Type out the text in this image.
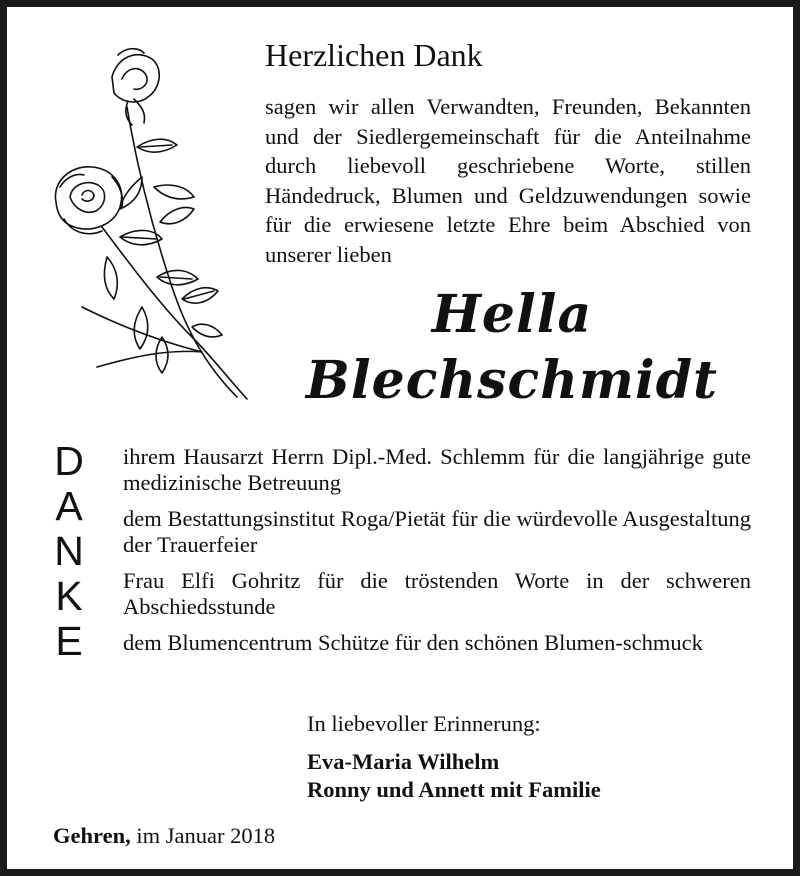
Herzlichen Dank
sagen wir allen Verwandten, Freunden, Bekannten und der Siedlergemeinschaft für die Anteilnahme durch liebevoll geschriebene Worte, stillen Händedruck, Blumen und Geldzuwendungen sowie für die erwiesene letzte Ehre beim Abschied von unserer lieben
Hella
Blechschmidt
D
A
N
K
E
ihrem Hausarzt Herrn Dipl.-Med. Schlemm für die langjährige gute medizinische Betreuung
dem Bestattungsinstitut Roga/Pietät für die würdevolle Ausgestaltung der Trauerfeier
Frau Elfi Gohritz für die tröstenden Worte in der schweren Abschiedsstunde
dem Blumencentrum Schütze für den schönen Blumen-schmuck
In liebevoller Erinnerung:
Eva-Maria Wilhelm
Ronny und Annett mit Familie
Gehren, im Januar 2018
